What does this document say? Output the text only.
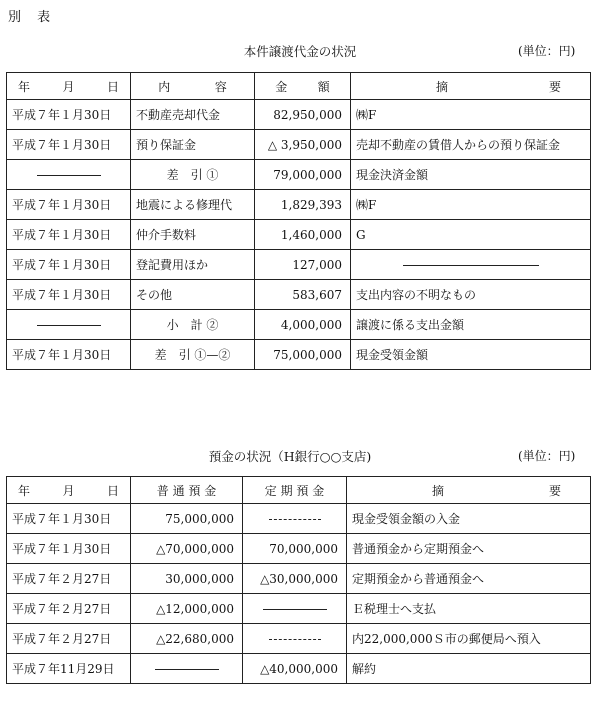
別 表
本件譲渡代金の状況	(単位：円)
年 月 日	内 容	金 額	摘 要

平成７年１月30日	不動産売却代金	82,950,000	㈱F
平成７年１月30日	預り保証金	△ 3,950,000	売却不動産の賃借人からの預り保証金
	差　引 ①	79,000,000	現金決済金額
平成７年１月30日	地震による修理代	1,829,393	㈱F
平成７年１月30日	仲介手数料	1,460,000	G
平成７年１月30日	登記費用ほか	127,000	
平成７年１月30日	その他	583,607	支出内容の不明なもの
	小　計 ②	4,000,000	譲渡に係る支出金額
平成７年１月30日	差　引 ①—②	75,000,000	現金受領金額
預金の状況（H銀行○○支店)	(単位：円)
年 月 日	普 通 預 金	定 期 預 金	摘 要

平成７年１月30日	75,000,000		現金受領金額の入金
平成７年１月30日	△70,000,000	70,000,000	普通預金から定期預金へ
平成７年２月27日	30,000,000	△30,000,000	定期預金から普通預金へ
平成７年２月27日	△12,000,000		Ｅ税理士へ支払
平成７年２月27日	△22,680,000		内22,000,000Ｓ市の郵便局へ預入
平成７年11月29日		△40,000,000	解約
